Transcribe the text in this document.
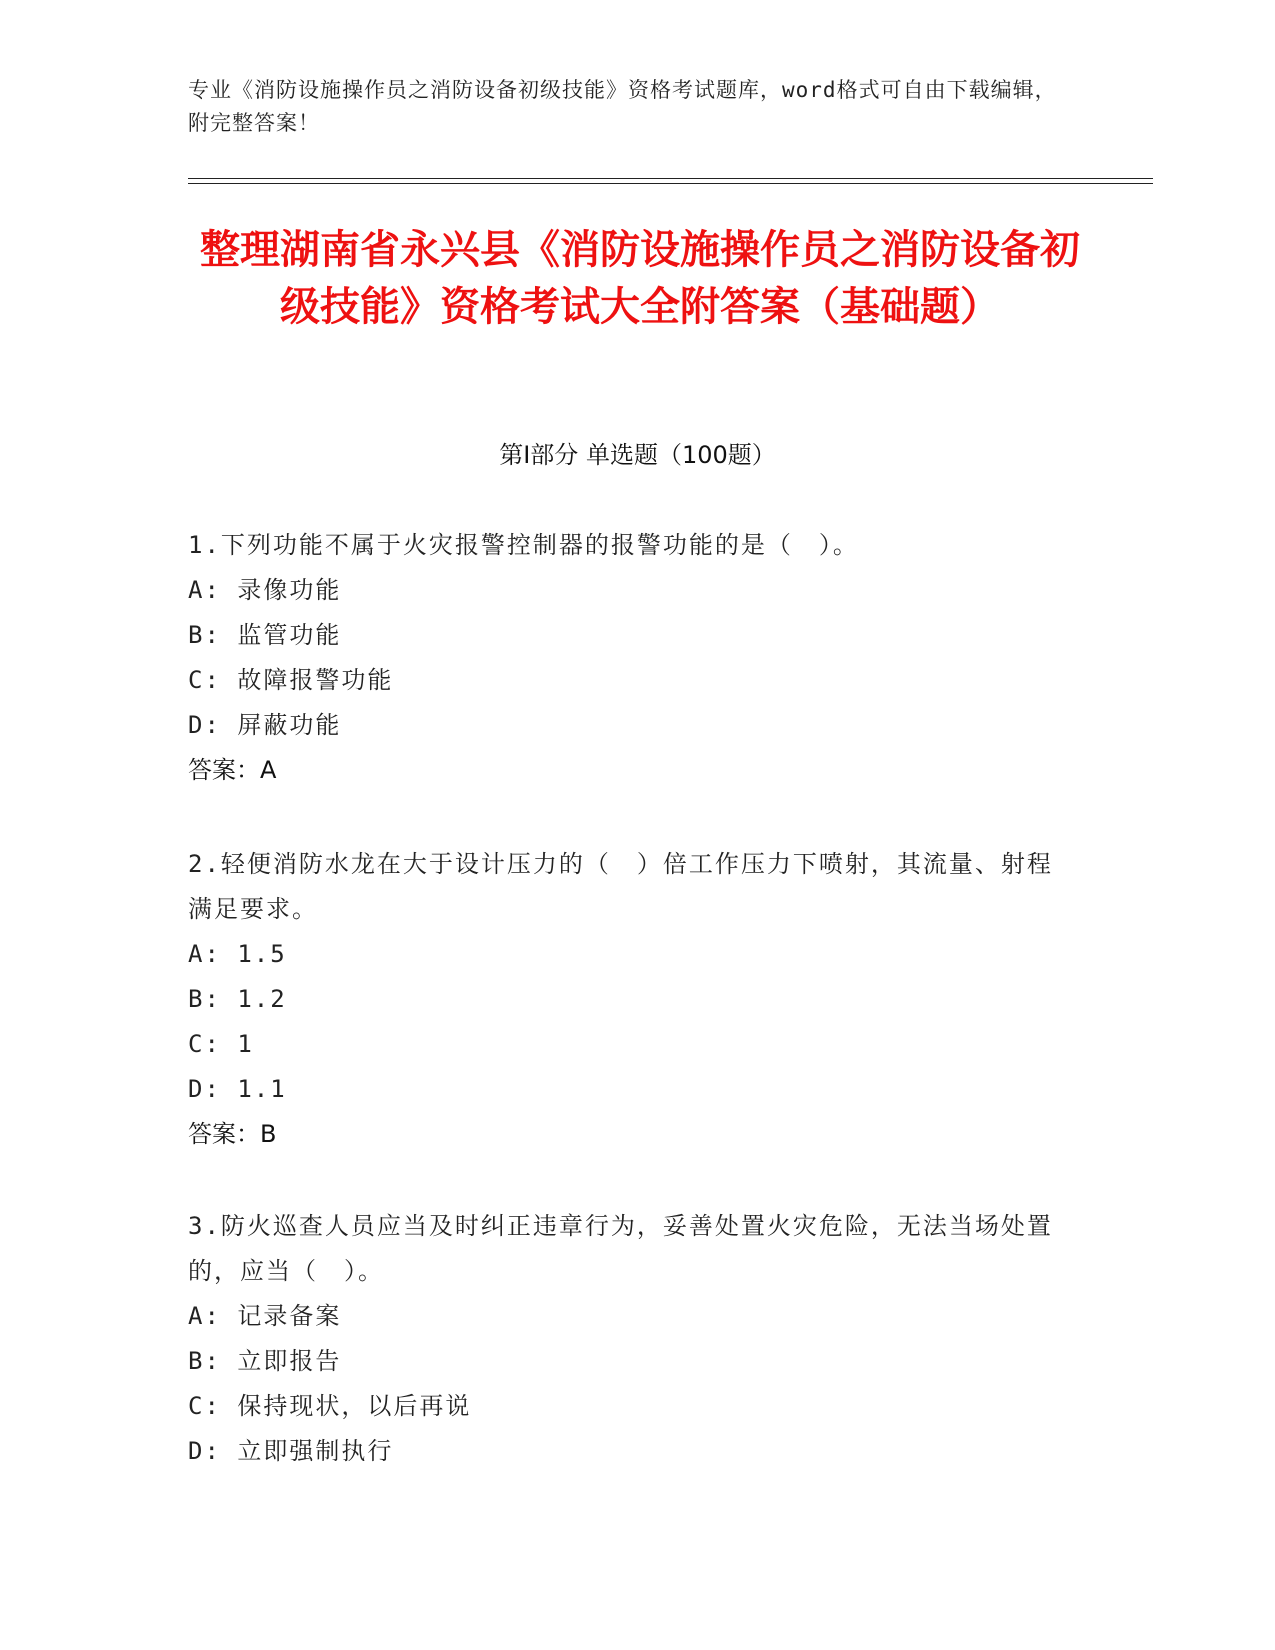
专业《消防设施操作员之消防设备初级技能》资格考试题库，word格式可自由下载编辑，附完整答案！
整理湖南省永兴县《消防设施操作员之消防设备初级技能》资格考试大全附答案（基础题）
第Ⅰ部分 单选题（100题）
1.下列功能不属于火灾报警控制器的报警功能的是（　）。
A: 录像功能
B: 监管功能
C: 故障报警功能
D: 屏蔽功能
答案：A
2.轻便消防水龙在大于设计压力的（　）倍工作压力下喷射，其流量、射程满足要求。
A: 1.5
B: 1.2
C: 1
D: 1.1
答案：B
3.防火巡查人员应当及时纠正违章行为，妥善处置火灾危险，无法当场处置的，应当（　）。
A: 记录备案
B: 立即报告
C: 保持现状，以后再说
D: 立即强制执行
